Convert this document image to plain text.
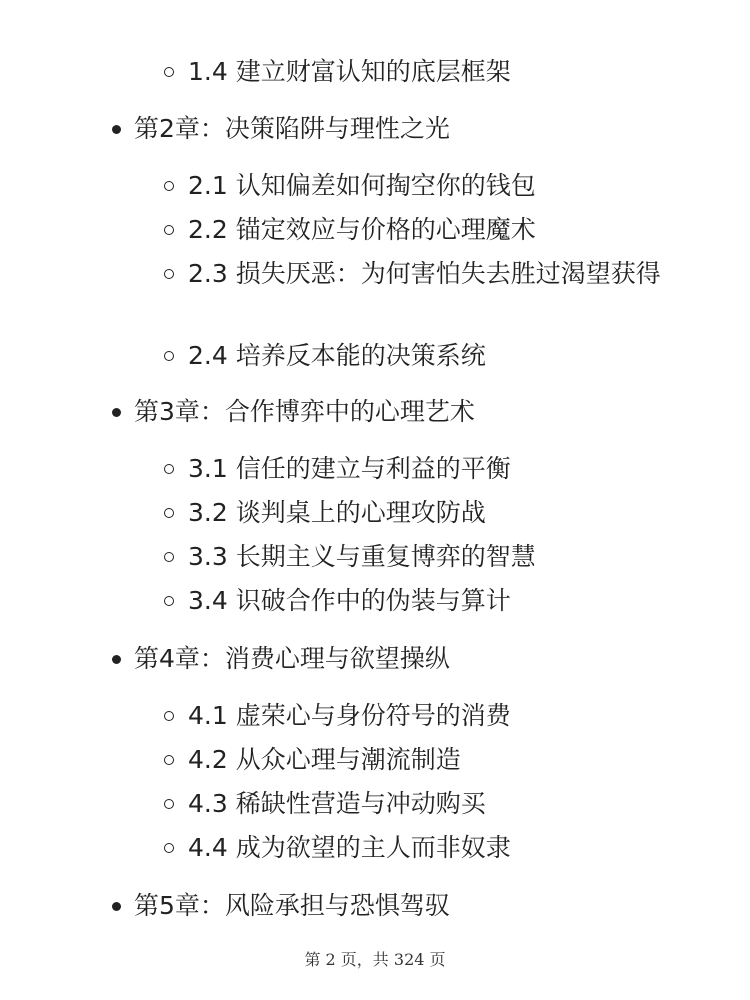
1.4 建立财富认知的底层框架
第2章：决策陷阱与理性之光
2.1 认知偏差如何掏空你的钱包
2.2 锚定效应与价格的心理魔术
2.3 损失厌恶：为何害怕失去胜过渴望获得
2.4 培养反本能的决策系统
第3章：合作博弈中的心理艺术
3.1 信任的建立与利益的平衡
3.2 谈判桌上的心理攻防战
3.3 长期主义与重复博弈的智慧
3.4 识破合作中的伪装与算计
第4章：消费心理与欲望操纵
4.1 虚荣心与身份符号的消费
4.2 从众心理与潮流制造
4.3 稀缺性营造与冲动购买
4.4 成为欲望的主人而非奴隶
第5章：风险承担与恐惧驾驭
第 2 页，共 324 页
